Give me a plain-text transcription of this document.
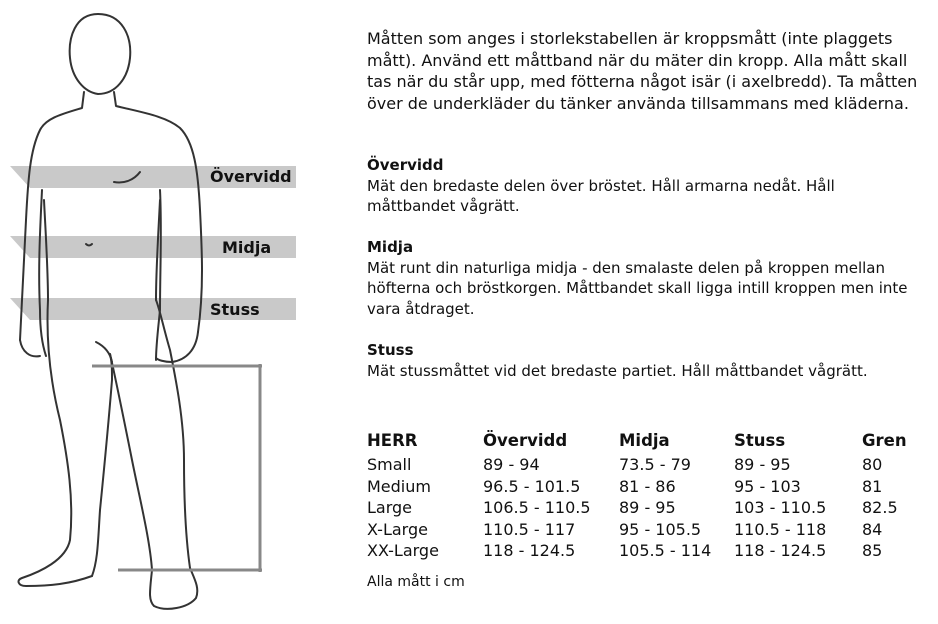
Övervidd
Midja
Stuss

Måtten som anges i storlekstabellen är kroppsmått (inte plaggets mått). Använd ett måttband när du mäter din kropp. Alla mått skall tas när du står upp, med fötterna något isär (i axelbredd). Ta måtten över de underkläder du tänker använda tillsammans med kläderna.

Övervidd

Mät den bredaste delen över bröstet. Håll armarna nedåt. Håll måttbandet vågrätt.

Midja

Mät runt din naturliga midja - den smalaste delen på kroppen mellan höfterna och bröstkorgen. Måttbandet skall ligga intill kroppen men inte vara åtdraget.

Stuss

Mät stussmåttet vid det bredaste partiet. Håll måttbandet vågrätt.

HERR	Övervidd	Midja	Stuss	Gren
Small	89 - 94	73.5 - 79	89 - 95	80
Medium	96.5 - 101.5	81 - 86	95 - 103	81
Large	106.5 - 110.5	89 - 95	103 - 110.5	82.5
X-Large	110.5 - 117	95 - 105.5	110.5 - 118	84
XX-Large	118 - 124.5	105.5 - 114	118 - 124.5	85
Alla mått i cm
